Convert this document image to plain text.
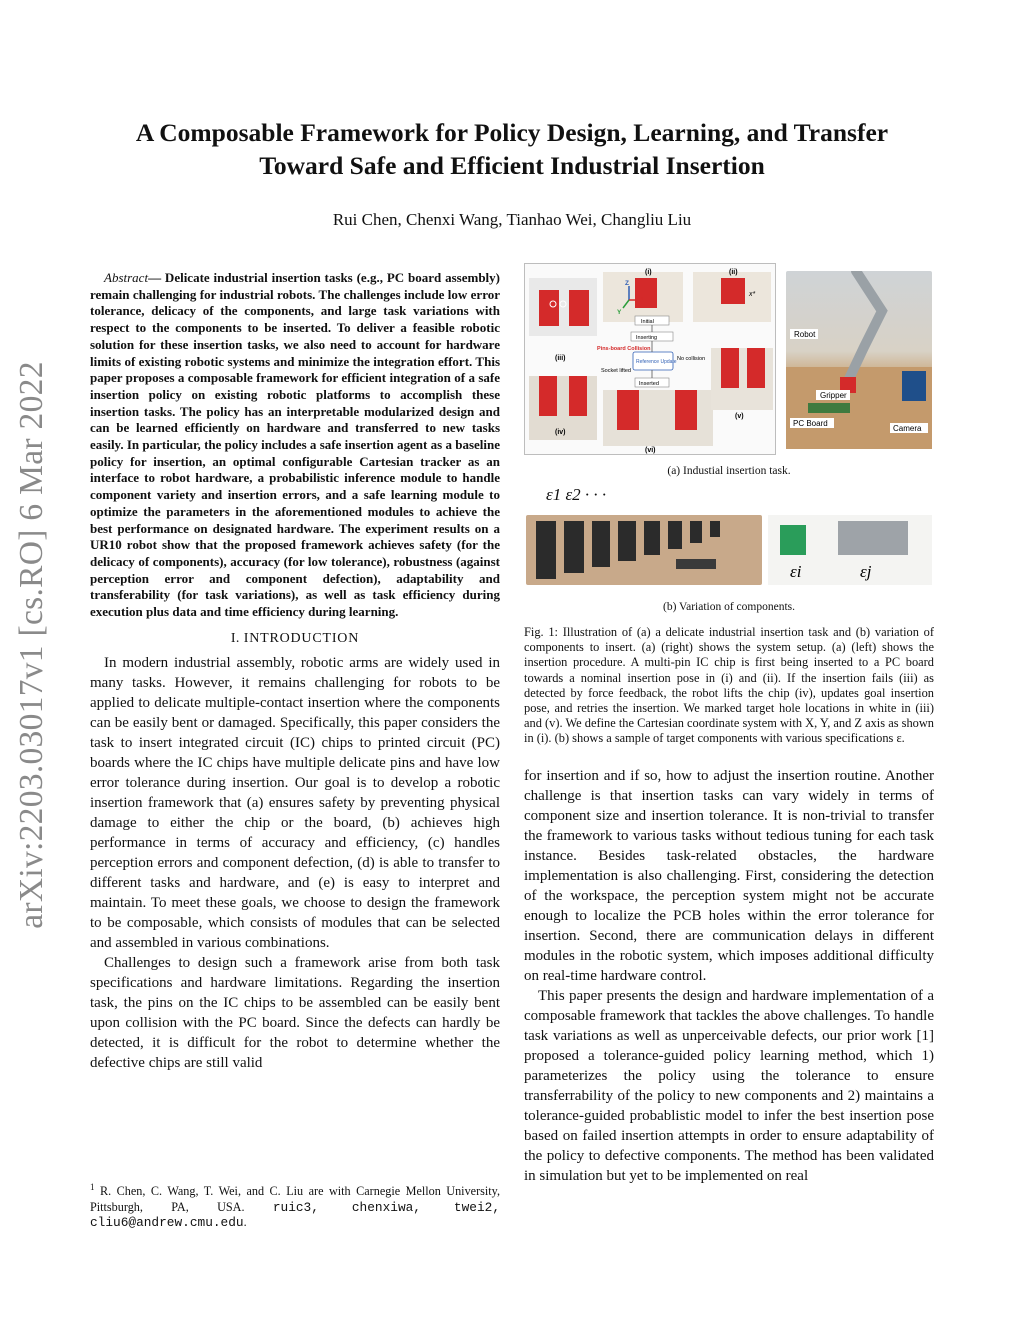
arXiv:2203.03017v1 [cs.RO] 6 Mar 2022
A Composable Framework for Policy Design, Learning, and Transfer
Toward Safe and Efficient Industrial Insertion
Rui Chen, Chenxi Wang, Tianhao Wei, Changliu Liu

Abstract— Delicate industrial insertion tasks (e.g., PC board assembly) remain challenging for industrial robots. The challenges include low error tolerance, delicacy of the components, and large task variations with respect to the components to be inserted. To deliver a feasible robotic solution for these insertion tasks, we also need to account for hardware limits of existing robotic systems and minimize the integration effort. This paper proposes a composable framework for efficient integration of a safe insertion policy on existing robotic platforms to accomplish these insertion tasks. The policy has an interpretable modularized design and can be learned efficiently on hardware and transferred to new tasks easily. In particular, the policy includes a safe insertion agent as a baseline policy for insertion, an optimal configurable Cartesian tracker as an interface to robot hardware, a probabilistic inference module to handle component variety and insertion errors, and a safe learning module to optimize the parameters in the aforementioned modules to achieve the best performance on designated hardware. The experiment results on a UR10 robot show that the proposed framework achieves safety (for the delicacy of components), accuracy (for low tolerance), robustness (against perception error and component defection), adaptability and transferability (for task variations), as well as task efficiency during execution plus data and time efficiency during learning.

I. INTRODUCTION

In modern industrial assembly, robotic arms are widely used in many tasks. However, it remains challenging for robots to be applied to delicate multiple-contact insertion where the components can be easily bent or damaged. Specifically, this paper considers the task to insert integrated circuit (IC) chips to printed circuit (PC) boards where the IC chips have multiple delicate pins and have low error tolerance during insertion. Our goal is to develop a robotic insertion framework that (a) ensures safety by preventing physical damage to either the chip or the board, (b) achieves high performance in terms of accuracy and efficiency, (c) handles perception errors and component defection, (d) is able to transfer to different tasks and hardware, and (e) is easy to interpret and maintain. To meet these goals, we choose to design the framework to be composable, which consists of modules that can be selected and assembled in various combinations.

Challenges to design such a framework arise from both task specifications and hardware limitations. Regarding the insertion task, the pins on the IC chips to be assembled can be easily bent upon collision with the PC board. Since the defects can hardly be detected, it is difficult for the robot to determine whether the defective chips are still valid

$^1$ R. Chen, C. Wang, T. Wei, and C. Liu are with Carnegie Mellon University, Pittsburgh, PA, USA. ruic3, chenxiwa, twei2, cliu6@andrew.cmu.edu.
(i)	(ii)
(iii)
(iv)
(v)
(vi)
Z
X
Y
x*
Initial
Inserting
Pins-board Collision
Reference Update No collision
Socket lifted
Inserted
Robot
Gripper
PC Board
Camera

(a) Industial insertion task.

ε1 ε2 · · ·
εi	εj

(b) Variation of components.

Fig. 1: Illustration of (a) a delicate industrial insertion task and (b) variation of components to insert. (a) (right) shows the system setup. (a) (left) shows the insertion procedure. A multi-pin IC chip is first being inserted to a PC board towards a nominal insertion pose in (i) and (ii). If the insertion fails (iii) as detected by force feedback, the robot lifts the chip (iv), updates goal insertion pose, and retries the insertion. We marked target hole locations in white in (iii) and (v). We define the Cartesian coordinate system with X, Y, and Z axis as shown in (i). (b) shows a sample of target components with various specifications ε.

for insertion and if so, how to adjust the insertion routine. Another challenge is that insertion tasks can vary widely in terms of component size and insertion tolerance. It is non-trivial to transfer the framework to various tasks without tedious tuning for each task instance. Besides task-related obstacles, the hardware implementation is also challenging. First, considering the detection of the workspace, the perception system might not be accurate enough to localize the PCB holes within the error tolerance for insertion. Second, there are communication delays in different modules in the robotic system, which imposes additional difficulty on real-time hardware control.

This paper presents the design and hardware implementation of a composable framework that tackles the above challenges. To handle task variations as well as unperceivable defects, our prior work [1] proposed a tolerance-guided policy learning method, which 1) parameterizes the policy using the tolerance to ensure transferrability of the policy to new components and 2) maintains a tolerance-guided probablistic model to infer the best insertion pose based on failed insertion attempts in order to ensure adaptability of the policy to defective components. The method has been validated in simulation but yet to be implemented on real
